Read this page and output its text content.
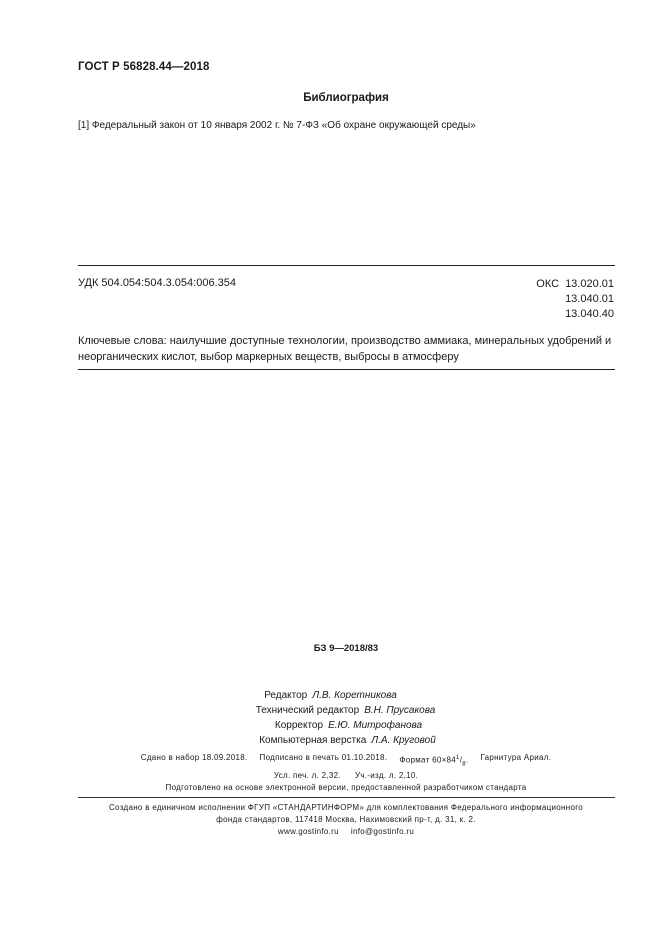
ГОСТ Р 56828.44—2018
Библиография
[1] Федеральный закон от 10 января 2002 г. № 7-ФЗ «Об охране окружающей среды»
УДК 504.054:504.3.054:006.354	ОКС 13.020.01
13.040.01
13.040.40
Ключевые слова: наилучшие доступные технологии, производство аммиака, минеральных удобрений и неорганических кислот, выбор маркерных веществ, выбросы в атмосферу
БЗ 9—2018/83
Редактор Л.В. Коретникова
Технический редактор В.Н. Прусакова
Корректор Е.Ю. Митрофанова
Компьютерная верстка Л.А. Круговой
Сдано в набор 18.09.2018. Подписано в печать 01.10.2018. Формат $60\times 84^1/_8$. Гарнитура Ариал.
Усл. печ. л. 2,32. Уч.-изд. л. 2,10.
Подготовлено на основе электронной версии, предоставленной разработчиком стандарта
Создано в единичном исполнении ФГУП «СТАНДАРТИНФОРМ» для комплектования Федерального информационного
фонда стандартов, 117418 Москва, Нахимовский пр-т, д. 31, к. 2.
www.gostinfo.ru info@gostinfo.ru
